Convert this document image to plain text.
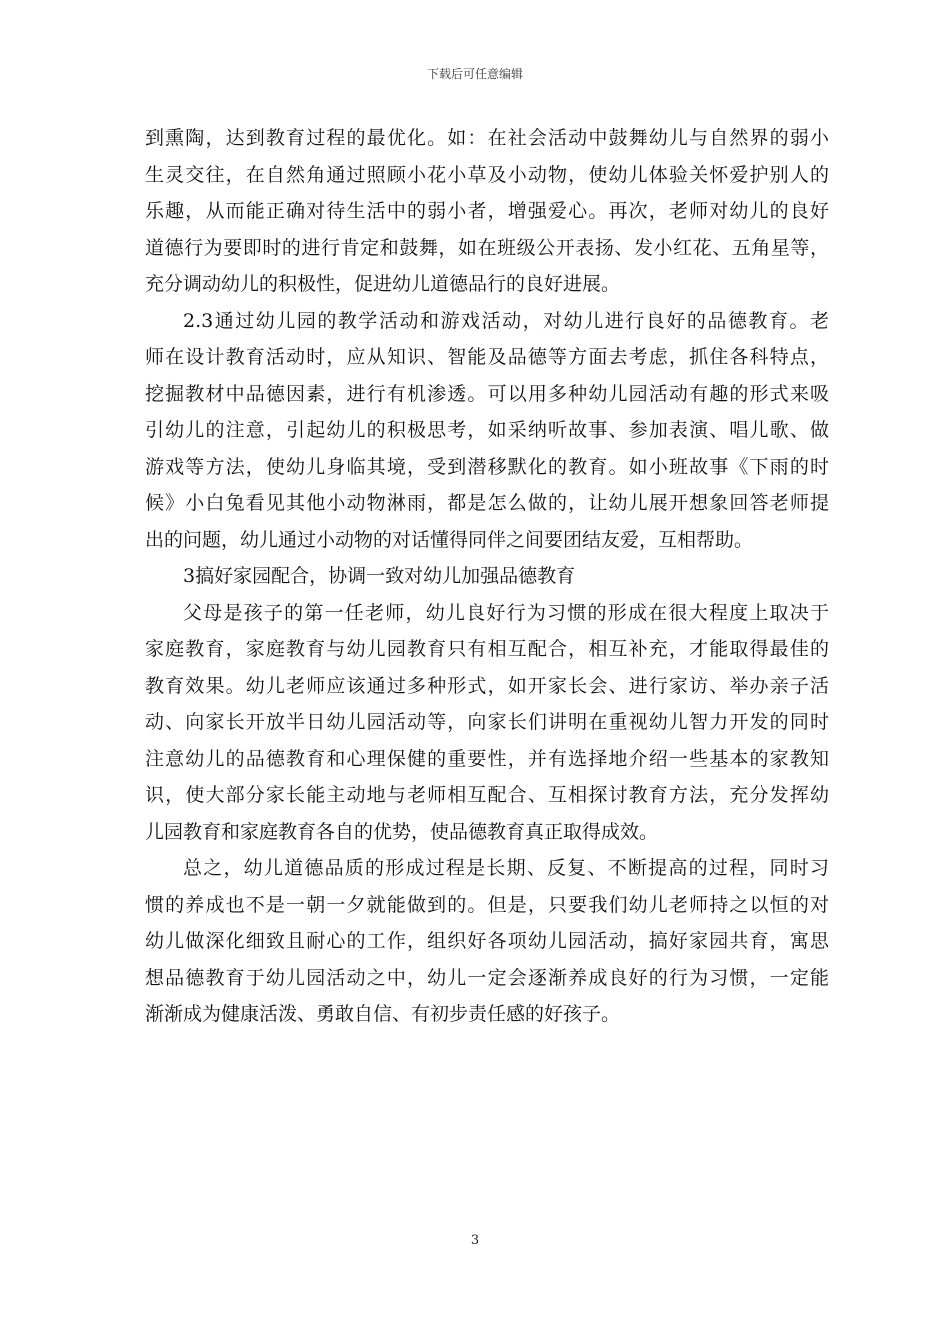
下载后可任意编辑
到熏陶，达到教育过程的最优化。如：在社会活动中鼓舞幼儿与自然界的弱小
生灵交往，在自然角通过照顾小花小草及小动物，使幼儿体验关怀爱护别人的
乐趣，从而能正确对待生活中的弱小者，增强爱心。再次，老师对幼儿的良好
道德行为要即时的进行肯定和鼓舞，如在班级公开表扬、发小红花、五角星等，
充分调动幼儿的积极性，促进幼儿道德品行的良好进展。
2.3通过幼儿园的教学活动和游戏活动，对幼儿进行良好的品德教育。老
师在设计教育活动时，应从知识、智能及品德等方面去考虑，抓住各科特点，
挖掘教材中品德因素，进行有机渗透。可以用多种幼儿园活动有趣的形式来吸
引幼儿的注意，引起幼儿的积极思考，如采纳听故事、参加表演、唱儿歌、做
游戏等方法，使幼儿身临其境，受到潜移默化的教育。如小班故事《下雨的时
候》小白兔看见其他小动物淋雨，都是怎么做的，让幼儿展开想象回答老师提
出的问题，幼儿通过小动物的对话懂得同伴之间要团结友爱，互相帮助。
3搞好家园配合，协调一致对幼儿加强品德教育
父母是孩子的第一任老师，幼儿良好行为习惯的形成在很大程度上取决于
家庭教育，家庭教育与幼儿园教育只有相互配合，相互补充，才能取得最佳的
教育效果。幼儿老师应该通过多种形式，如开家长会、进行家访、举办亲子活
动、向家长开放半日幼儿园活动等，向家长们讲明在重视幼儿智力开发的同时
注意幼儿的品德教育和心理保健的重要性，并有选择地介绍一些基本的家教知
识，使大部分家长能主动地与老师相互配合、互相探讨教育方法，充分发挥幼
儿园教育和家庭教育各自的优势，使品德教育真正取得成效。
总之，幼儿道德品质的形成过程是长期、反复、不断提高的过程，同时习
惯的养成也不是一朝一夕就能做到的。但是，只要我们幼儿老师持之以恒的对
幼儿做深化细致且耐心的工作，组织好各项幼儿园活动，搞好家园共育，寓思
想品德教育于幼儿园活动之中，幼儿一定会逐渐养成良好的行为习惯，一定能
渐渐成为健康活泼、勇敢自信、有初步责任感的好孩子。
3
